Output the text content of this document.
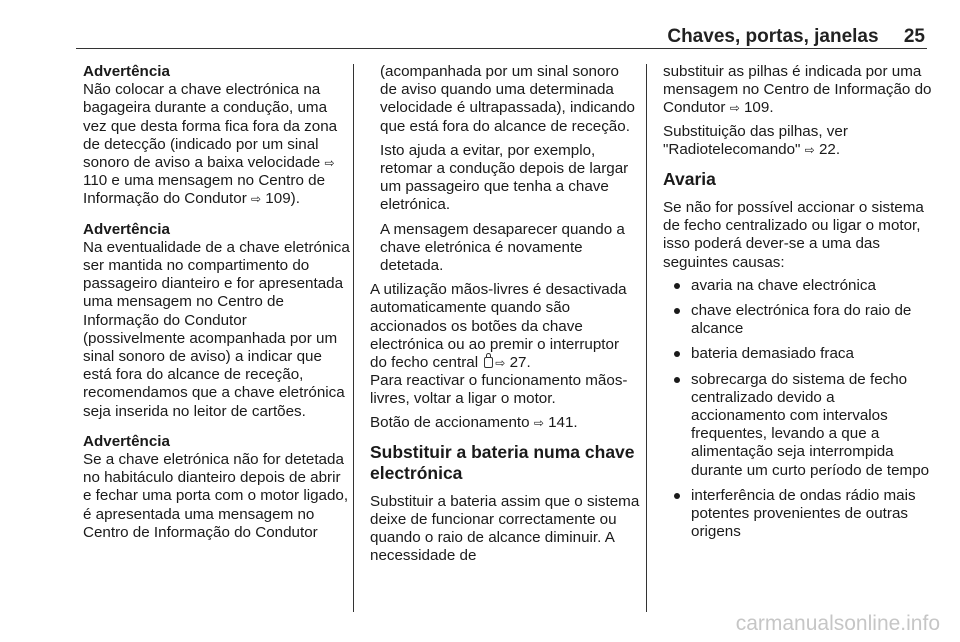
Chaves, portas, janelas 25
Advertência
Não colocar a chave electrónica na bagageira durante a condução, uma vez que desta forma fica fora da zona de detecção (indicado por um sinal sonoro de aviso a baixa velocidade ⇨ 110 e uma mensagem no Centro de Informação do Condutor ⇨ 109).
Advertência
Na eventualidade de a chave eletrónica ser mantida no compartimento do passageiro dianteiro e for apresentada uma mensagem no Centro de Informação do Condutor (possivelmente acompanhada por um sinal sonoro de aviso) a indicar que está fora do alcance de receção, recomendamos que a chave eletrónica seja inserida no leitor de cartões.
Advertência
Se a chave eletrónica não for detetada no habitáculo dianteiro depois de abrir e fechar uma porta com o motor ligado, é apresentada uma mensagem no Centro de Informação do Condutor
(acompanhada por um sinal sonoro de aviso quando uma determinada velocidade é ultrapassada), indicando que está fora do alcance de receção.
Isto ajuda a evitar, por exemplo, retomar a condução depois de largar um passageiro que tenha a chave eletrónica.
A mensagem desaparecer quando a chave eletrónica é novamente detetada.

A utilização mãos-livres é desactivada automaticamente quando são accionados os botões da chave electrónica ou ao premir o interruptor do fecho central ⇨ 27.

Para reactivar o funcionamento mãos-livres, voltar a ligar o motor.

Botão de accionamento ⇨ 141.

Substituir a bateria numa chave electrónica

Substituir a bateria assim que o sistema deixe de funcionar correctamente ou quando o raio de alcance diminuir. A necessidade de

substituir as pilhas é indicada por uma mensagem no Centro de Informação do Condutor ⇨ 109.

Substituição das pilhas, ver "Radiotelecomando" ⇨ 22.

Avaria

Se não for possível accionar o sistema de fecho centralizado ou ligar o motor, isso poderá dever-se a uma das seguintes causas:

avaria na chave electrónica
chave electrónica fora do raio de alcance
bateria demasiado fraca
sobrecarga do sistema de fecho centralizado devido a accionamento com intervalos frequentes, levando a que a alimentação seja interrompida durante um curto período de tempo
interferência de ondas rádio mais potentes provenientes de outras origens
carmanualsonline.info
